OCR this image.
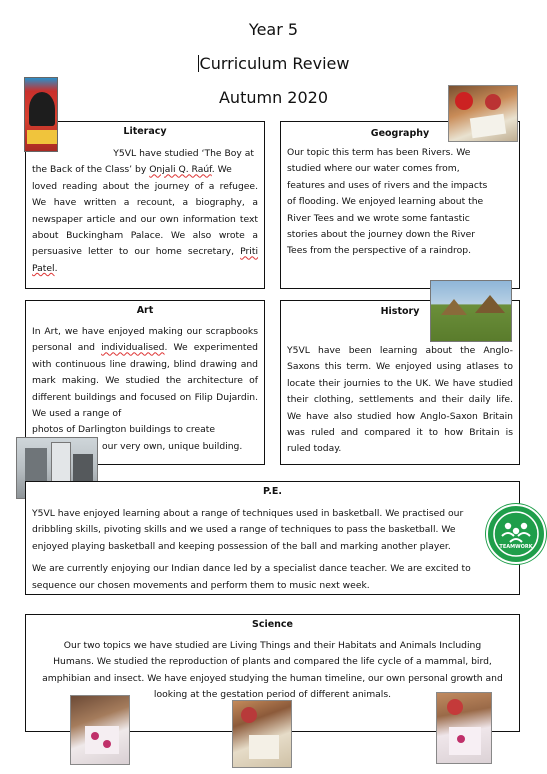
Year 5
Curriculum Review
Autumn 2020
Literacy

Y5VL have studied ‘The Boy at

the Back of the Class’ by Onjali Q. Raúf. We

loved reading about the journey of a refugee. We have written a recount, a biography, a newspaper article and our own information text about Buckingham Palace. We also wrote a persuasive letter to our home secretary, Priti Patel.

Geography

Our topic this term has been Rivers. We

studied where our water comes from,

features and uses of rivers and the impacts

of flooding. We enjoyed learning about the

River Tees and we wrote some fantastic

stories about the journey down the River

Tees from the perspective of a raindrop.

Art

In Art, we have enjoyed making our scrapbooks personal and individualised. We experimented with continuous line drawing, blind drawing and mark making. We studied the architecture of different buildings and focused on Filip Dujardin. We used a range of

photos of Darlington buildings to create

our very own, unique building.

History

Y5VL have been learning about the Anglo-Saxons this term. We enjoyed using atlases to locate their journies to the UK. We have studied their clothing, settlements and their daily life. We have also studied how Anglo-Saxon Britain was ruled and compared it to how Britain is ruled today.

P.E.

Y5VL have enjoyed learning about a range of techniques used in basketball. We practised our

dribbling skills, pivoting skills and we used a range of techniques to pass the basketball. We

enjoyed playing basketball and keeping possession of the ball and marking another player.

We are currently enjoying our Indian dance led by a specialist dance teacher. We are excited to

sequence our chosen movements and perform them to music next week.

TEAMWORK
Science

Our two topics we have studied are Living Things and their Habitats and Animals Including

Humans. We studied the reproduction of plants and compared the life cycle of a mammal, bird,

amphibian and insect. We have enjoyed studying the human timeline, our own personal growth and

looking at the gestation period of different animals.
